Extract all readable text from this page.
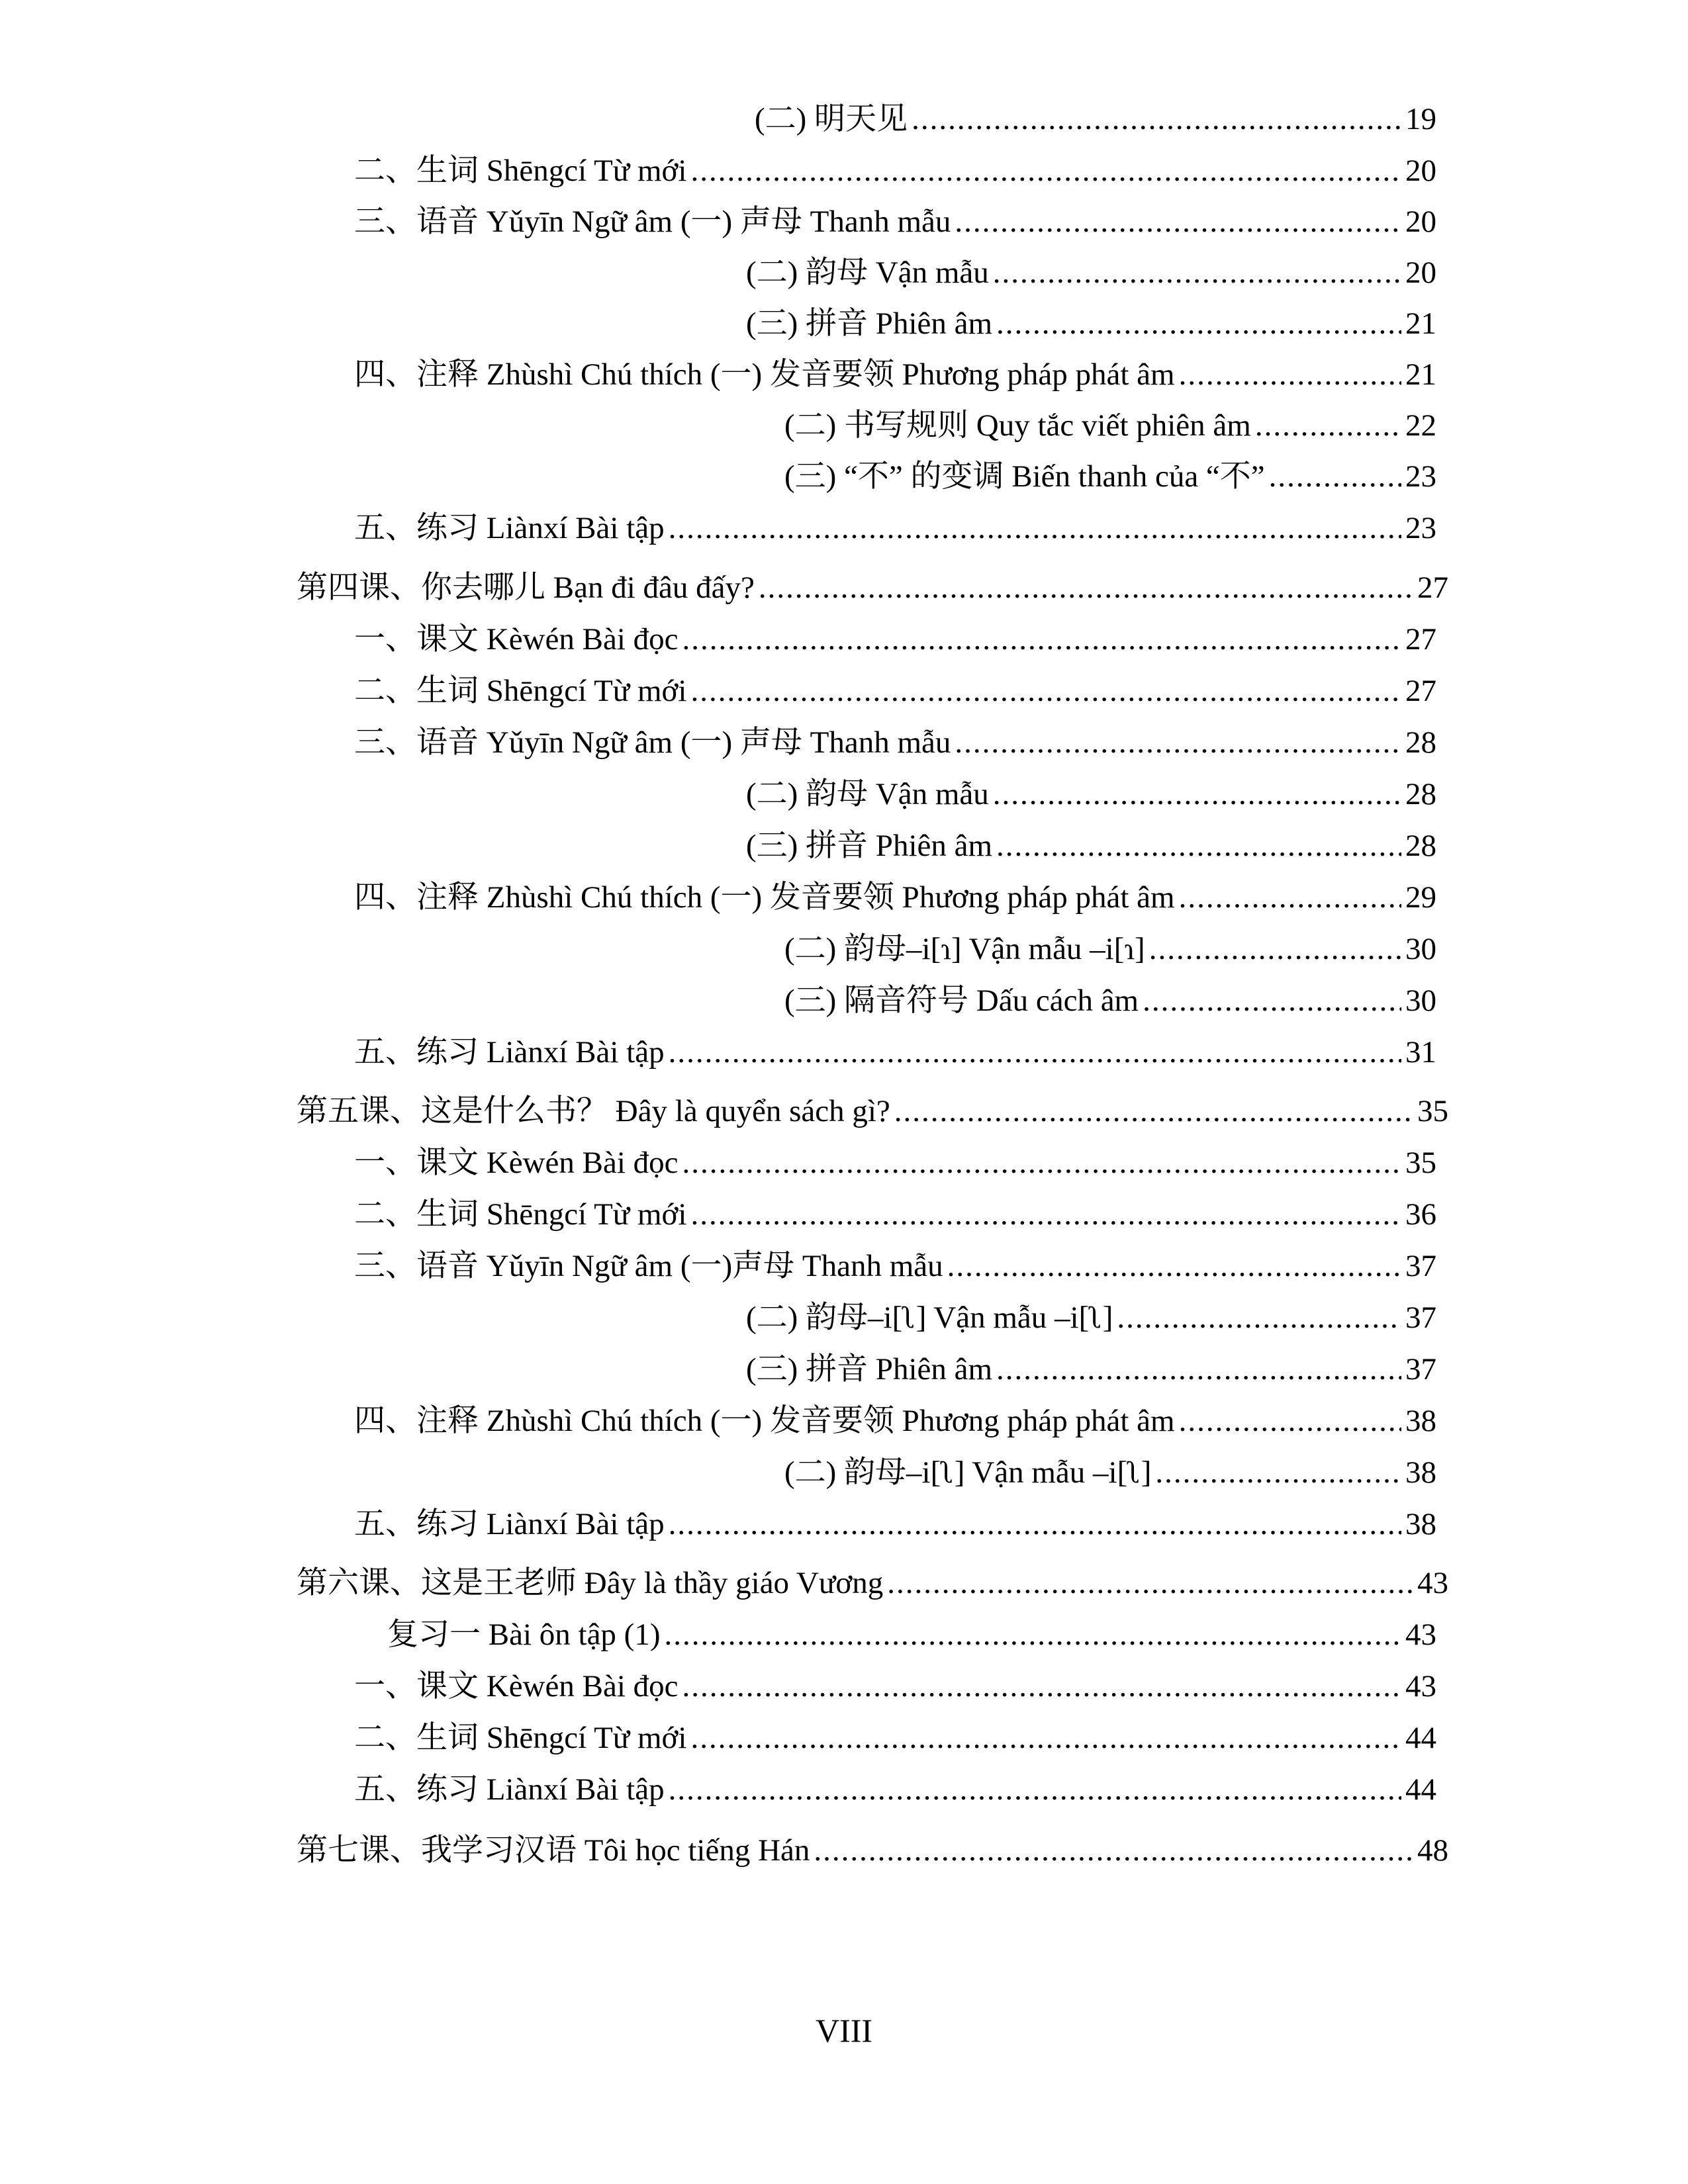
(二) 明天见 .....	19
二、生词 Shēngcí Từ mới .....	20
三、语音 Yǔyīn Ngữ âm (一) 声母 Thanh mẫu .....	20
(二) 韵母 Vận mẫu .....	20
(三) 拼音 Phiên âm .....	21
四、注释 Zhùshì Chú thích (一) 发音要领 Phương pháp phát âm .....	21
(二) 书写规则 Quy tắc viết phiên âm .....	22
(三) “不” 的变调 Biến thanh của “不” .....	23
五、练习 Liànxí Bài tập .....	23
第四课、你去哪儿 Bạn đi đâu đấy? .....	27
一、课文 Kèwén Bài đọc .....	27
二、生词 Shēngcí Từ mới .....	27
三、语音 Yǔyīn Ngữ âm (一) 声母 Thanh mẫu .....	28
(二) 韵母 Vận mẫu .....	28
(三) 拼音 Phiên âm .....	28
四、注释 Zhùshì Chú thích (一) 发音要领 Phương pháp phát âm .....	29
(二) 韵母–i[ɿ] Vận mẫu –i[ɿ] .....	30
(三) 隔音符号 Dấu cách âm .....	30
五、练习 Liànxí Bài tập .....	31
第五课、这是什么书？ Đây là quyển sách gì? .....	35
一、课文 Kèwén Bài đọc .....	35
二、生词 Shēngcí Từ mới .....	36
三、语音 Yǔyīn Ngữ âm (一)声母 Thanh mẫu .....	37
(二) 韵母–i[ʅ] Vận mẫu –i[ʅ] .....	37
(三) 拼音 Phiên âm .....	37
四、注释 Zhùshì Chú thích (一) 发音要领 Phương pháp phát âm .....	38
(二) 韵母–i[ʅ] Vận mẫu –i[ʅ] .....	38
五、练习 Liànxí Bài tập .....	38
第六课、这是王老师 Đây là thầy giáo Vương .....	43
复习一 Bài ôn tập (1) .....	43
一、课文 Kèwén Bài đọc .....	43
二、生词 Shēngcí Từ mới .....	44
五、练习 Liànxí Bài tập .....	44
第七课、我学习汉语 Tôi học tiếng Hán .....	48
VIII
